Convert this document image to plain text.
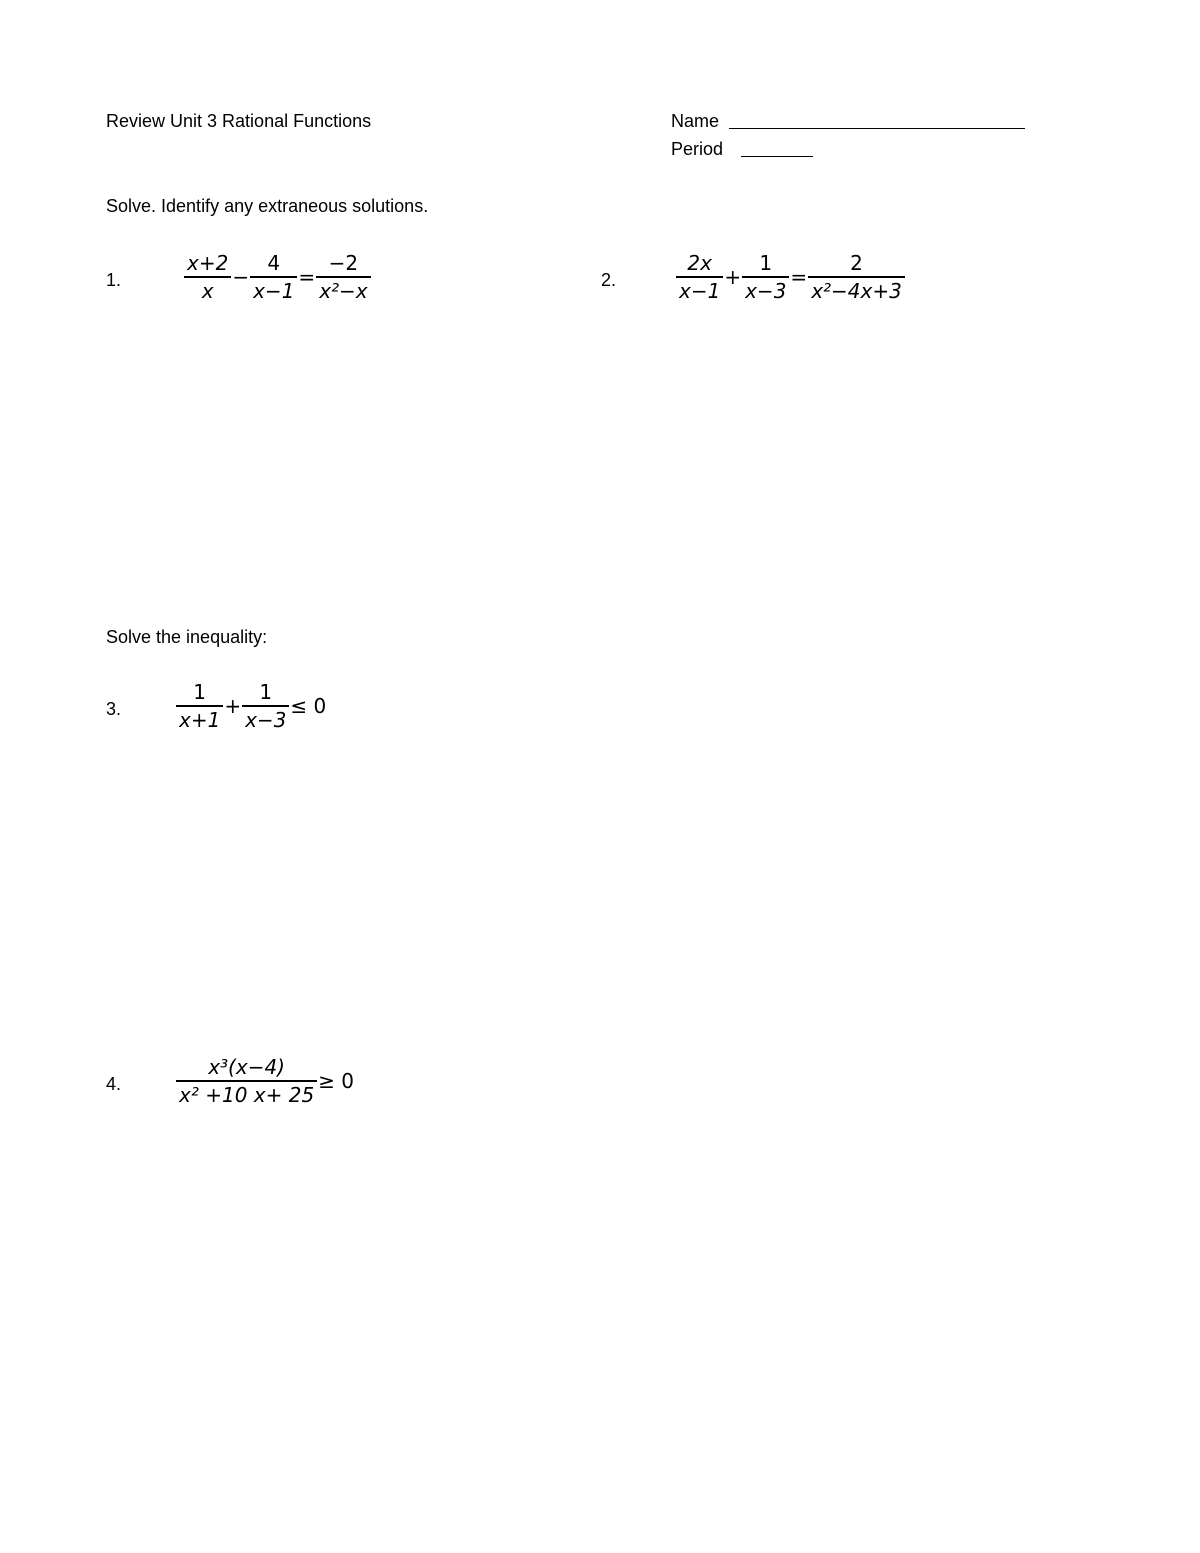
Review Unit 3 Rational Functions	Name
Period
Solve. Identify any extraneous solutions.
1.	$\frac{x+2}{x} - \frac{4}{x-1} = \frac{-2}{\text{x²−x}}$	2.	$\frac{2x}{x-1} + \frac{1}{x-3} = \frac{2}{\text{x²−4x+3}}$
Solve the inequality:
3.	$\frac{1}{x+1} + \frac{1}{x-3} \le 0$
4.	$\frac{\text{x³(x−4)}}{\text{x² +10 x+ 25}} \ge 0$
